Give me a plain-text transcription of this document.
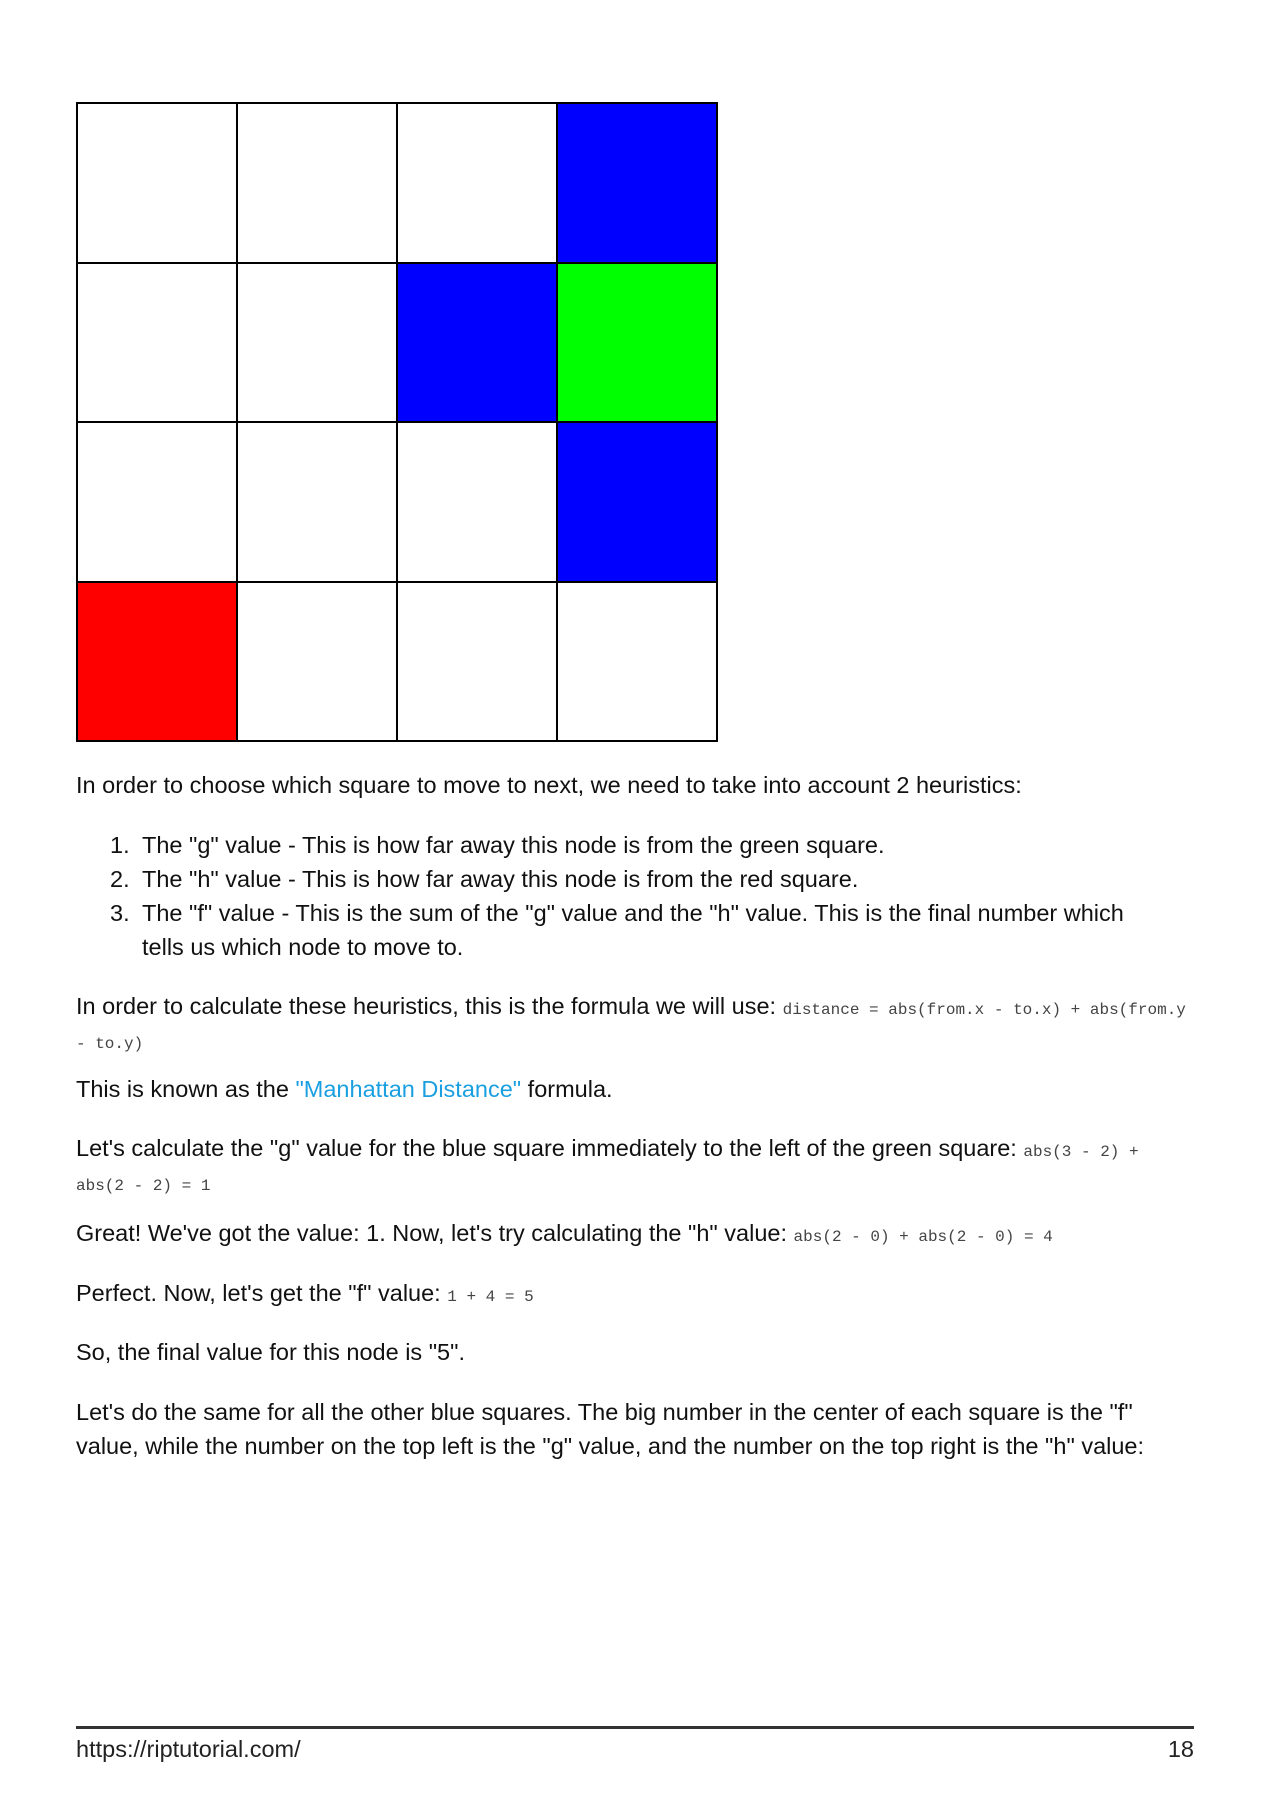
In order to choose which square to move to next, we need to take into account 2 heuristics:

1. The "g" value - This is how far away this node is from the green square.
2. The "h" value - This is how far away this node is from the red square.
3. The "f" value - This is the sum of the "g" value and the "h" value. This is the final number which tells us which node to move to.

In order to calculate these heuristics, this is the formula we will use: distance = abs(from.x - to.x) + abs(from.y - to.y)

This is known as the "Manhattan Distance" formula.

Let's calculate the "g" value for the blue square immediately to the left of the green square: abs(3 - 2) + abs(2 - 2) = 1

Great! We've got the value: 1. Now, let's try calculating the "h" value: abs(2 - 0) + abs(2 - 0) = 4

Perfect. Now, let's get the "f" value: 1 + 4 = 5

So, the final value for this node is "5".

Let's do the same for all the other blue squares. The big number in the center of each square is the "f" value, while the number on the top left is the "g" value, and the number on the top right is the "h" value:

https://riptutorial.com/	18
